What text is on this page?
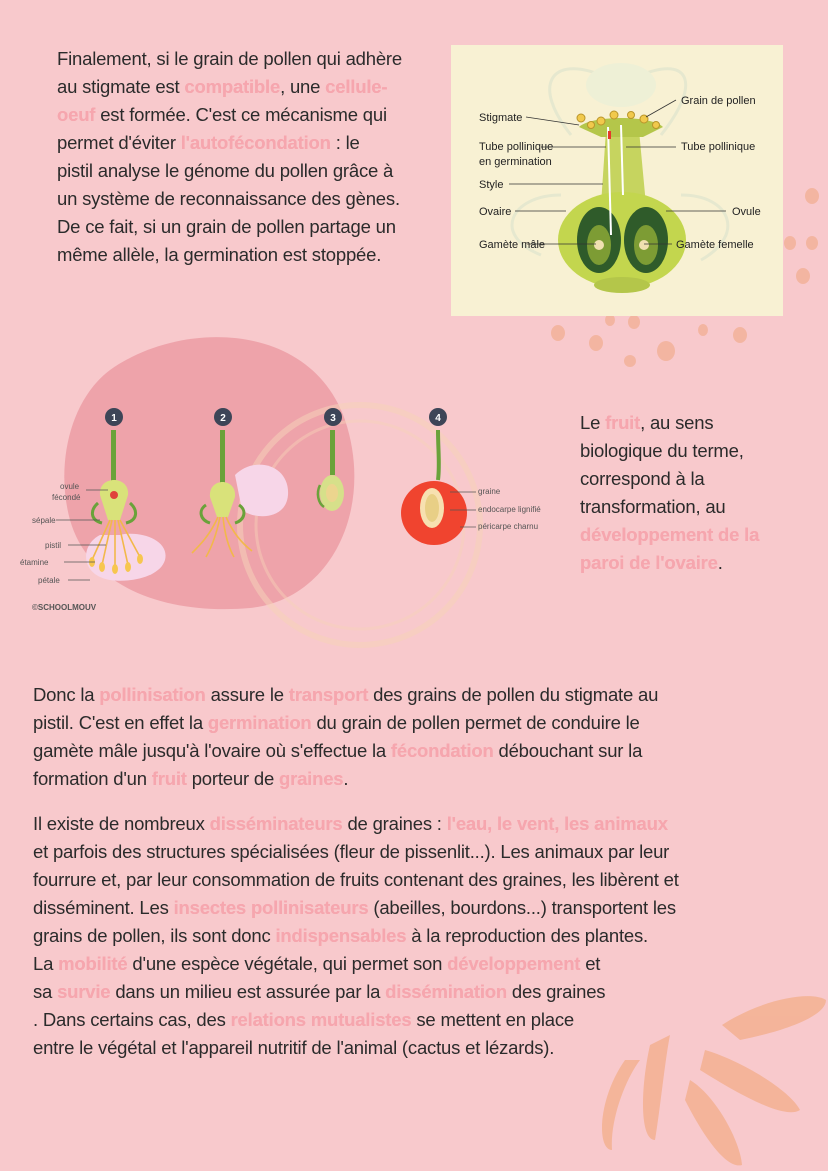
Finalement, si le grain de pollen qui adhère
au stigmate est compatible, une cellule-
oeuf est formée. C'est ce mécanisme qui
permet d'éviter l'autofécondation : le
pistil analyse le génome du pollen grâce à
un système de reconnaissance des gènes.
De ce fait, si un grain de pollen partage un
même allèle, la germination est stoppée.
Grain de pollen
Stigmate
Tube pollinique
en germination
Tube pollinique
Style
Ovaire	Ovule
Gamète mâle	Gamète femelle
1	2	3	4
ovule
fécondé
sépale
pistil
étamine
pétale
©SCHOOLMOUV
graine
endocarpe lignifié
péricarpe charnu
Le fruit, au sens
biologique du terme,
correspond à la
transformation, au
développement de la
paroi de l'ovaire.
Donc la pollinisation assure le transport des grains de pollen du stigmate au
pistil. C'est en effet la germination du grain de pollen permet de conduire le
gamète mâle jusqu'à l'ovaire où s'effectue la fécondation débouchant sur la
formation d'un fruit porteur de graines.
Il existe de nombreux disséminateurs de graines : l'eau, le vent, les animaux
et parfois des structures spécialisées (fleur de pissenlit...). Les animaux par leur
fourrure et, par leur consommation de fruits contenant des graines, les libèrent et
disséminent. Les insectes pollinisateurs (abeilles, bourdons...) transportent les
grains de pollen, ils sont donc indispensables à la reproduction des plantes.
La mobilité d'une espèce végétale, qui permet son développement et
sa survie dans un milieu est assurée par la dissémination des graines
. Dans certains cas, des relations mutualistes se mettent en place
entre le végétal et l'appareil nutritif de l'animal (cactus et lézards).
